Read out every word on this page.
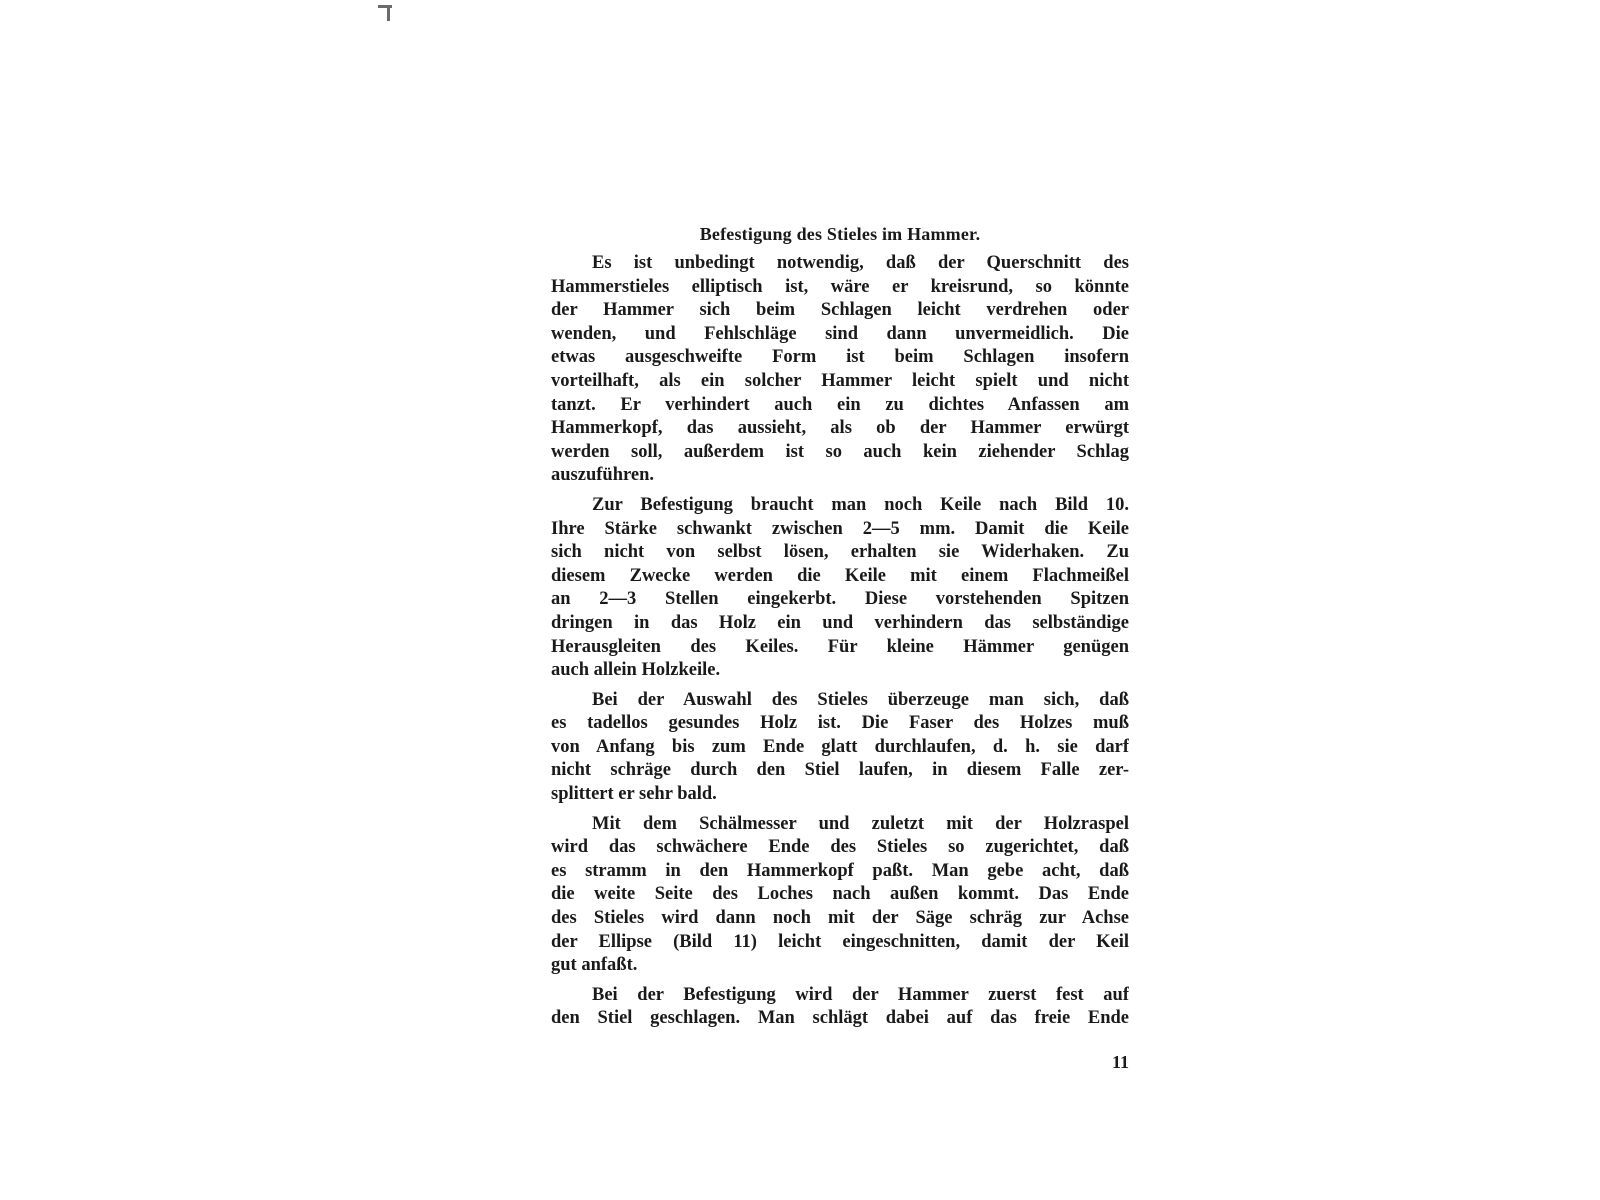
Befestigung des Stieles im Hammer.
Es ist unbedingt notwendig, daß der Querschnitt des
Hammerstieles elliptisch ist, wäre er kreisrund, so könnte
der Hammer sich beim Schlagen leicht verdrehen oder
wenden, und Fehlschläge sind dann unvermeidlich. Die
etwas ausgeschweifte Form ist beim Schlagen insofern
vorteilhaft, als ein solcher Hammer leicht spielt und nicht
tanzt. Er verhindert auch ein zu dichtes Anfassen am
Hammerkopf, das aussieht, als ob der Hammer erwürgt
werden soll, außerdem ist so auch kein ziehender Schlag
auszuführen.
Zur Befestigung braucht man noch Keile nach Bild 10.
Ihre Stärke schwankt zwischen 2—5 mm. Damit die Keile
sich nicht von selbst lösen, erhalten sie Widerhaken. Zu
diesem Zwecke werden die Keile mit einem Flachmeißel
an 2—3 Stellen eingekerbt. Diese vorstehenden Spitzen
dringen in das Holz ein und verhindern das selbständige
Herausgleiten des Keiles. Für kleine Hämmer genügen
auch allein Holzkeile.
Bei der Auswahl des Stieles überzeuge man sich, daß
es tadellos gesundes Holz ist. Die Faser des Holzes muß
von Anfang bis zum Ende glatt durchlaufen, d. h. sie darf
nicht schräge durch den Stiel laufen, in diesem Falle zer-
splittert er sehr bald.
Mit dem Schälmesser und zuletzt mit der Holzraspel
wird das schwächere Ende des Stieles so zugerichtet, daß
es stramm in den Hammerkopf paßt. Man gebe acht, daß
die weite Seite des Loches nach außen kommt. Das Ende
des Stieles wird dann noch mit der Säge schräg zur Achse
der Ellipse (Bild 11) leicht eingeschnitten, damit der Keil
gut anfaßt.
Bei der Befestigung wird der Hammer zuerst fest auf
den Stiel geschlagen. Man schlägt dabei auf das freie Ende
11
